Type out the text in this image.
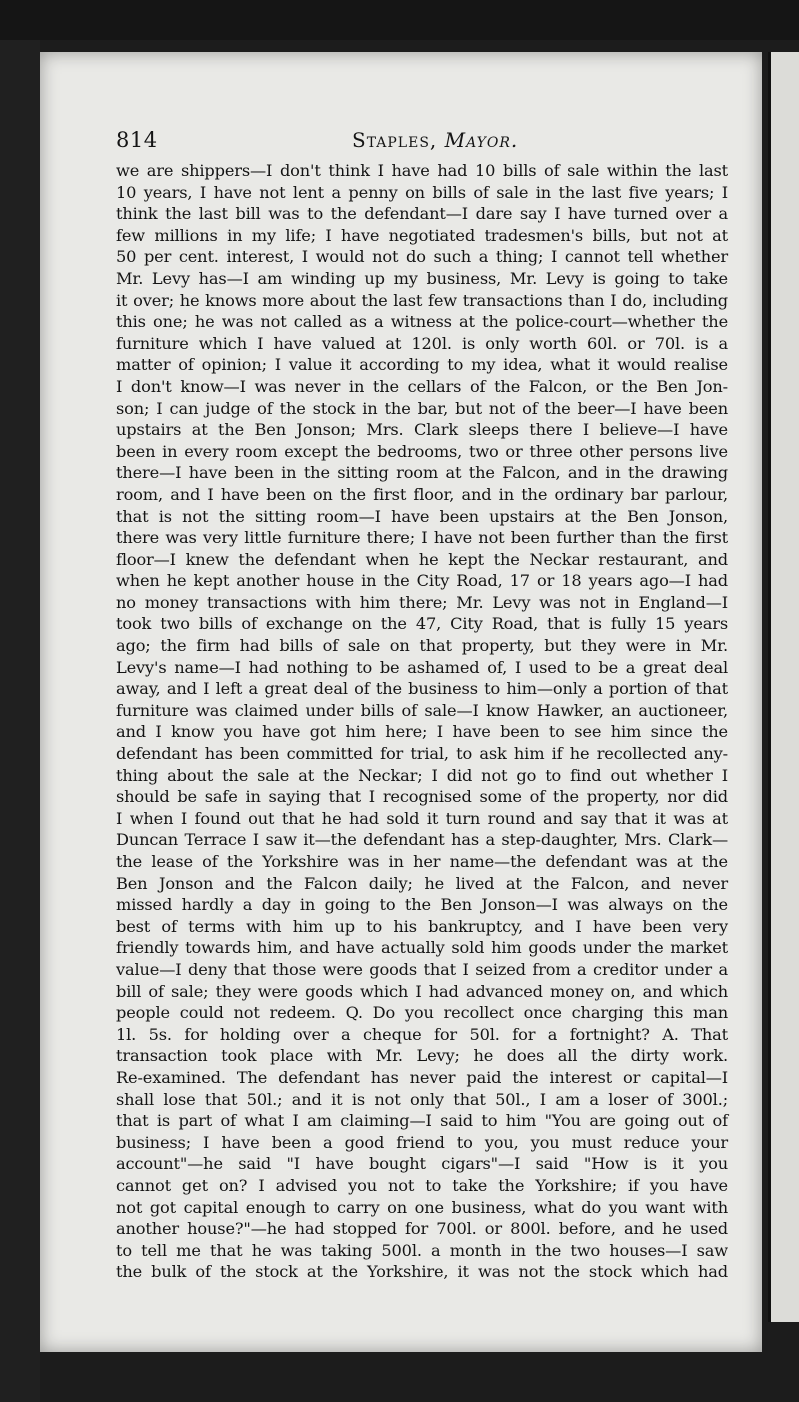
814	Staples, Mayor.
we are shippers—I don't think I have had 10 bills of sale within the last
10 years, I have not lent a penny on bills of sale in the last five years; I
think the last bill was to the defendant—I dare say I have turned over a
few millions in my life; I have negotiated tradesmen's bills, but not at
50 per cent. interest, I would not do such a thing; I cannot tell whether
Mr. Levy has—I am winding up my business, Mr. Levy is going to take
it over; he knows more about the last few transactions than I do, including
this one; he was not called as a witness at the police-court—whether the
furniture which I have valued at 120l. is only worth 60l. or 70l. is a
matter of opinion; I value it according to my idea, what it would realise
I don't know—I was never in the cellars of the Falcon, or the Ben Jon-
son; I can judge of the stock in the bar, but not of the beer—I have been
upstairs at the Ben Jonson; Mrs. Clark sleeps there I believe—I have
been in every room except the bedrooms, two or three other persons live
there—I have been in the sitting room at the Falcon, and in the drawing
room, and I have been on the first floor, and in the ordinary bar parlour,
that is not the sitting room—I have been upstairs at the Ben Jonson,
there was very little furniture there; I have not been further than the first
floor—I knew the defendant when he kept the Neckar restaurant, and
when he kept another house in the City Road, 17 or 18 years ago—I had
no money transactions with him there; Mr. Levy was not in England—I
took two bills of exchange on the 47, City Road, that is fully 15 years
ago; the firm had bills of sale on that property, but they were in Mr.
Levy's name—I had nothing to be ashamed of, I used to be a great deal
away, and I left a great deal of the business to him—only a portion of that
furniture was claimed under bills of sale—I know Hawker, an auctioneer,
and I know you have got him here; I have been to see him since the
defendant has been committed for trial, to ask him if he recollected any-
thing about the sale at the Neckar; I did not go to find out whether I
should be safe in saying that I recognised some of the property, nor did
I when I found out that he had sold it turn round and say that it was at
Duncan Terrace I saw it—the defendant has a step-daughter, Mrs. Clark—
the lease of the Yorkshire was in her name—the defendant was at the
Ben Jonson and the Falcon daily; he lived at the Falcon, and never
missed hardly a day in going to the Ben Jonson—I was always on the
best of terms with him up to his bankruptcy, and I have been very
friendly towards him, and have actually sold him goods under the market
value—I deny that those were goods that I seized from a creditor under a
bill of sale; they were goods which I had advanced money on, and which
people could not redeem. Q. Do you recollect once charging this man
1l. 5s. for holding over a cheque for 50l. for a fortnight? A. That
transaction took place with Mr. Levy; he does all the dirty work.
Re-examined. The defendant has never paid the interest or capital—I
shall lose that 50l.; and it is not only that 50l., I am a loser of 300l.;
that is part of what I am claiming—I said to him "You are going out of
business; I have been a good friend to you, you must reduce your
account"—he said "I have bought cigars"—I said "How is it you
cannot get on? I advised you not to take the Yorkshire; if you have
not got capital enough to carry on one business, what do you want with
another house?"—he had stopped for 700l. or 800l. before, and he used
to tell me that he was taking 500l. a month in the two houses—I saw
the bulk of the stock at the Yorkshire, it was not the stock which had
